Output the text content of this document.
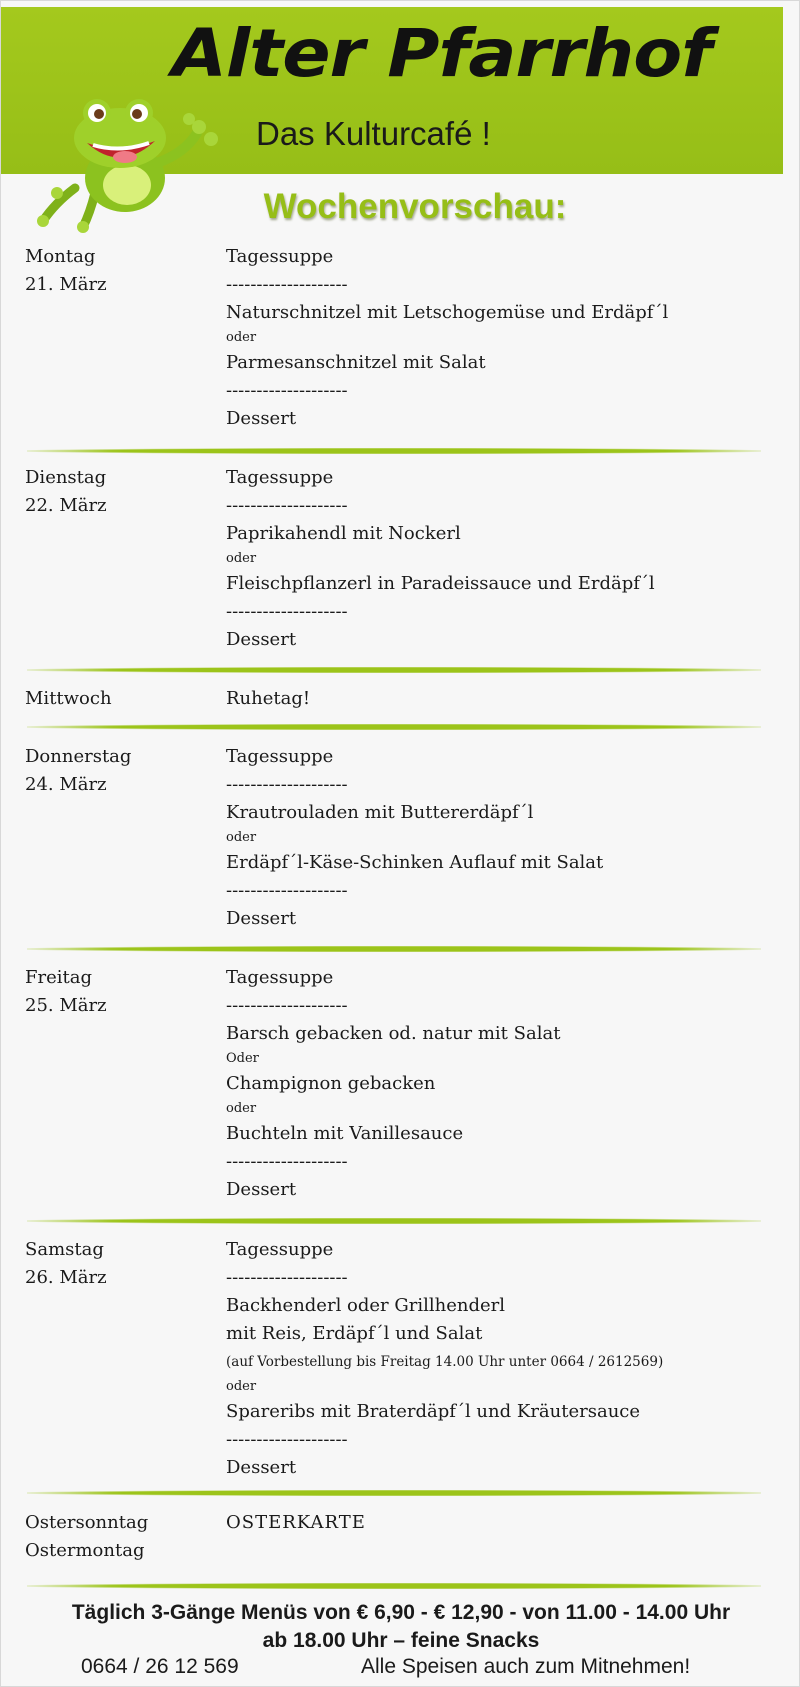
Alter Pfarrhof
Das Kulturcafé !
Wochenvorschau:
Montag
21. März
Tagessuppe
--------------------
Naturschnitzel mit Letschogemüse und Erdäpf´l
oder
Parmesanschnitzel mit Salat
--------------------
Dessert
Dienstag
22. März
Tagessuppe
--------------------
Paprikahendl mit Nockerl
oder
Fleischpflanzerl in Paradeissauce und Erdäpf´l
--------------------
Dessert
Mittwoch	Ruhetag!
Donnerstag
24. März
Tagessuppe
--------------------
Krautrouladen mit Buttererdäpf´l
oder
Erdäpf´l-Käse-Schinken Auflauf mit Salat
--------------------
Dessert
Freitag
25. März
Tagessuppe
--------------------
Barsch gebacken od. natur mit Salat
Oder
Champignon gebacken
oder
Buchteln mit Vanillesauce
--------------------
Dessert
Samstag
26. März
Tagessuppe
--------------------
Backhenderl oder Grillhenderl
mit Reis, Erdäpf´l und Salat
(auf Vorbestellung bis Freitag 14.00 Uhr unter 0664 / 2612569)
oder
Spareribs mit Braterdäpf´l und Kräutersauce
--------------------
Dessert
Ostersonntag
Ostermontag
OSTERKARTE
Täglich 3-Gänge Menüs von € 6,90 - € 12,90 - von 11.00 - 14.00 Uhr
ab 18.00 Uhr – feine Snacks
0664 / 26 12 569	Alle Speisen auch zum Mitnehmen!
